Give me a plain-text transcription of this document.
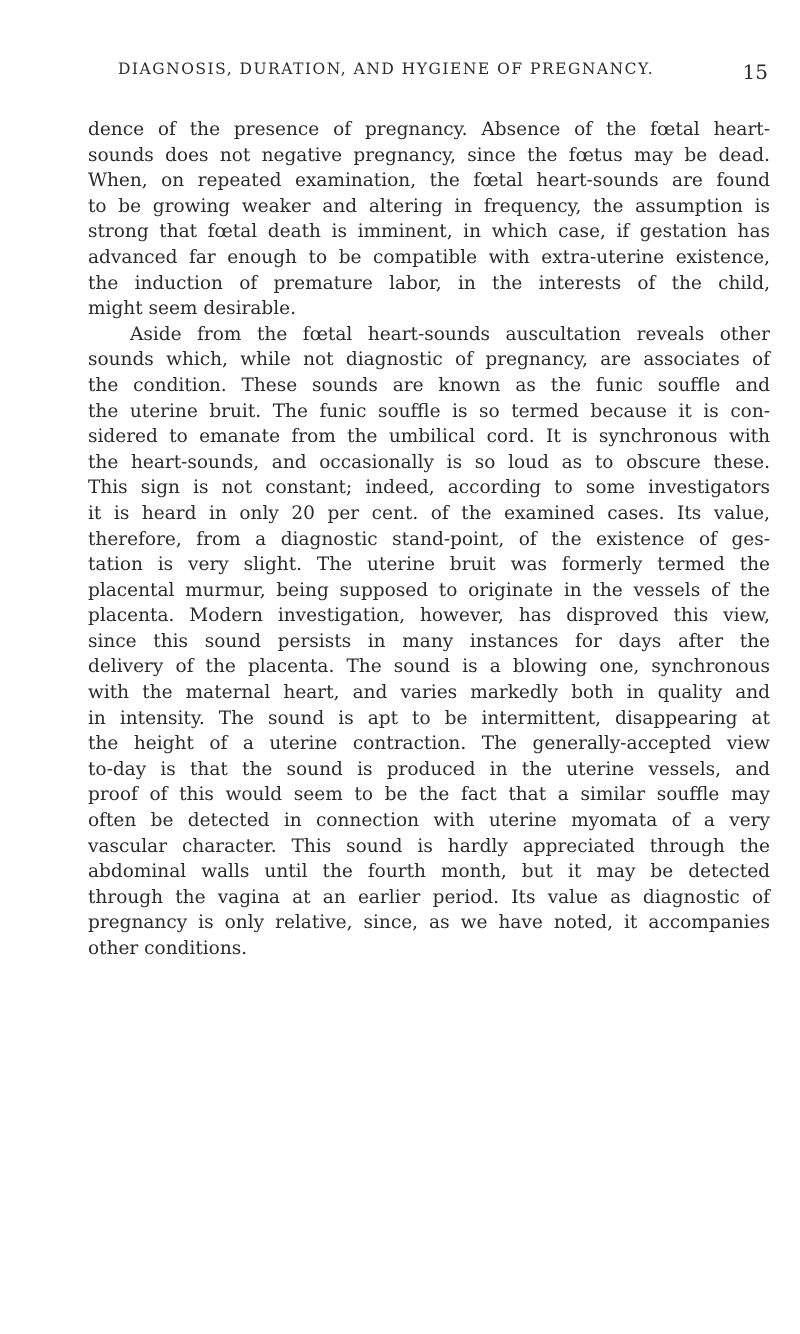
DIAGNOSIS, DURATION, AND HYGIENE OF PREGNANCY.	15
dence of the presence of pregnancy. Absence of the fœtal heart-
sounds does not negative pregnancy, since the fœtus may be dead.
When, on repeated examination, the fœtal heart-sounds are found
to be growing weaker and altering in frequency, the assumption is
strong that fœtal death is imminent, in which case, if gestation has
advanced far enough to be compatible with extra-uterine existence,
the induction of premature labor, in the interests of the child,
might seem desirable.
Aside from the fœtal heart-sounds auscultation reveals other
sounds which, while not diagnostic of pregnancy, are associates of
the condition. These sounds are known as the funic souffle and
the uterine bruit. The funic souffle is so termed because it is con-
sidered to emanate from the umbilical cord. It is synchronous with
the heart-sounds, and occasionally is so loud as to obscure these.
This sign is not constant; indeed, according to some investigators
it is heard in only 20 per cent. of the examined cases. Its value,
therefore, from a diagnostic stand-point, of the existence of ges-
tation is very slight. The uterine bruit was formerly termed the
placental murmur, being supposed to originate in the vessels of the
placenta. Modern investigation, however, has disproved this view,
since this sound persists in many instances for days after the
delivery of the placenta. The sound is a blowing one, synchronous
with the maternal heart, and varies markedly both in quality and
in intensity. The sound is apt to be intermittent, disappearing at
the height of a uterine contraction. The generally-accepted view
to-day is that the sound is produced in the uterine vessels, and
proof of this would seem to be the fact that a similar souffle may
often be detected in connection with uterine myomata of a very
vascular character. This sound is hardly appreciated through the
abdominal walls until the fourth month, but it may be detected
through the vagina at an earlier period. Its value as diagnostic of
pregnancy is only relative, since, as we have noted, it accompanies
other conditions.
